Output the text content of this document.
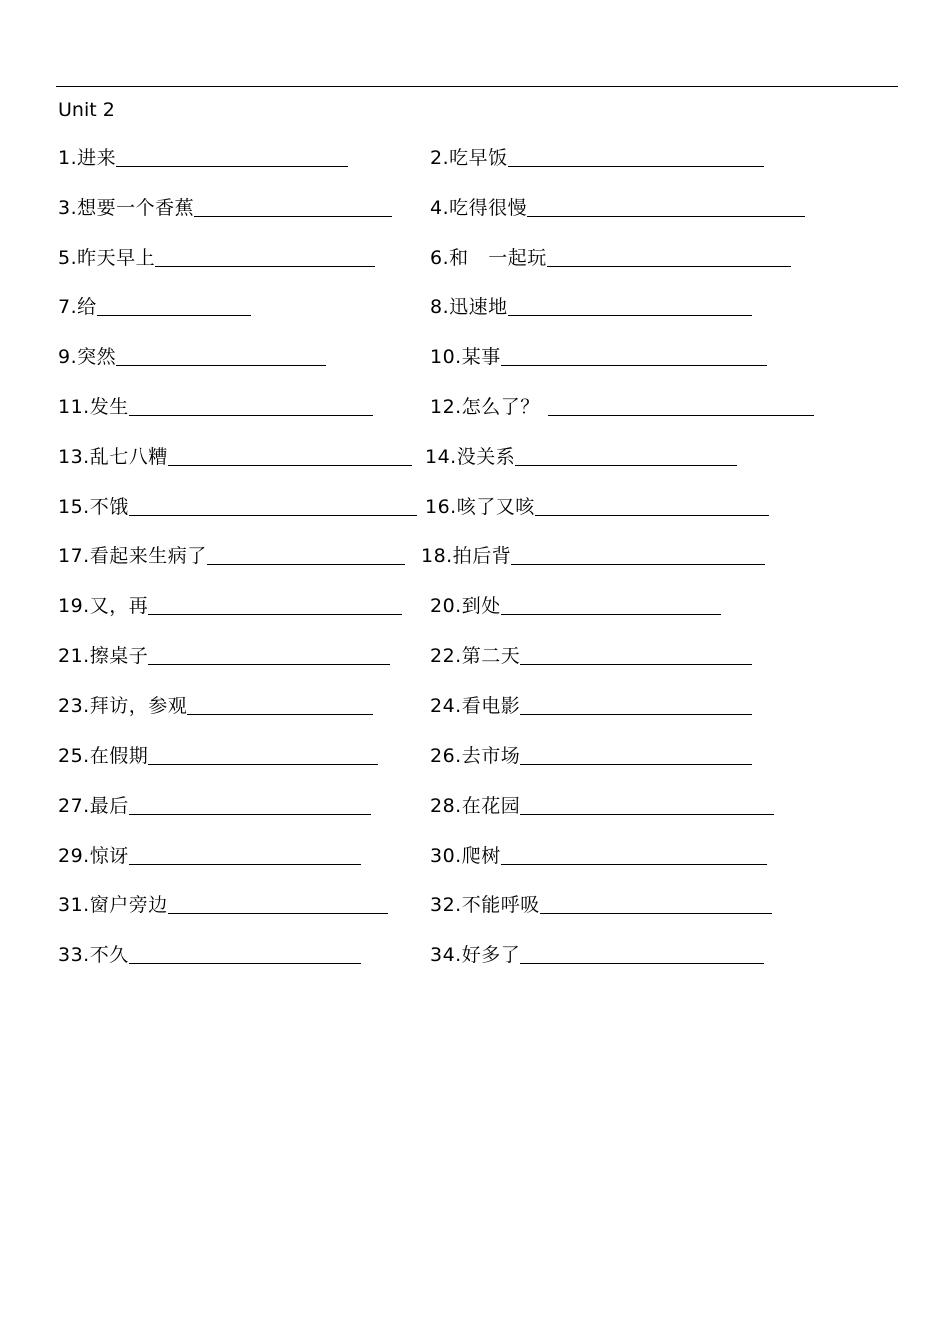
Unit 2
1.进来	2.吃早饭
3.想要一个香蕉	4.吃得很慢
5.昨天早上	6.和   一起玩
7.给	8.迅速地
9.突然	10.某事
11.发生	12.怎么了？
13.乱七八糟	14.没关系
15.不饿	16.咳了又咳
17.看起来生病了	18.拍后背
19.又，再	20.到处
21.擦桌子	22.第二天
23.拜访，参观	24.看电影
25.在假期	26.去市场
27.最后	28.在花园
29.惊讶	30.爬树
31.窗户旁边	32.不能呼吸
33.不久	34.好多了
